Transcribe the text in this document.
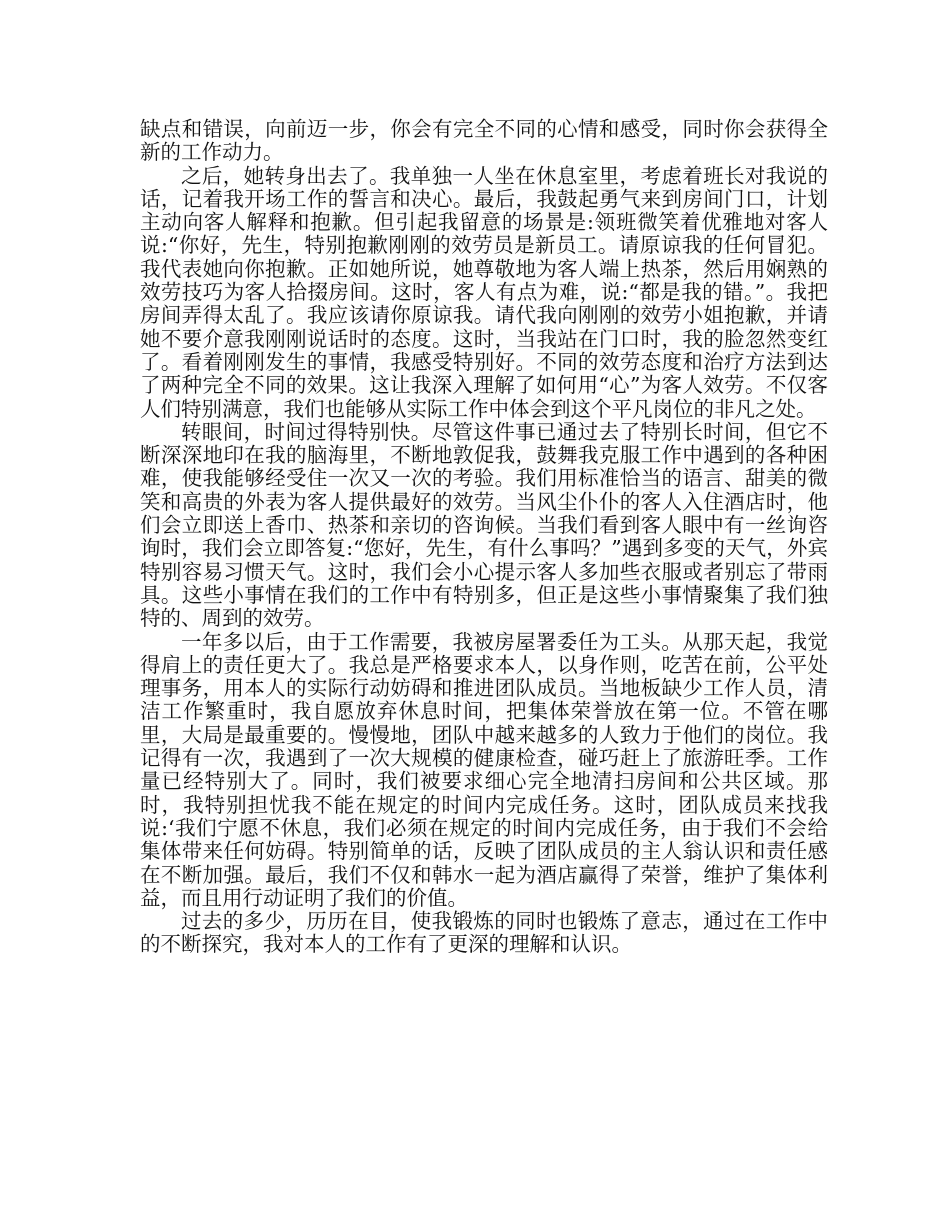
缺点和错误，向前迈一步，你会有完全不同的心情和感受，同时你会获得全新的工作动力。

之后，她转身出去了。我单独一人坐在休息室里，考虑着班长对我说的话，记着我开场工作的誓言和决心。最后，我鼓起勇气来到房间门口，计划主动向客人解释和抱歉。但引起我留意的场景是:领班微笑着优雅地对客人说:“你好，先生，特别抱歉刚刚的效劳员是新员工。请原谅我的任何冒犯。我代表她向你抱歉。正如她所说，她尊敬地为客人端上热茶，然后用娴熟的效劳技巧为客人拾掇房间。这时，客人有点为难，说:“都是我的错。”。我把房间弄得太乱了。我应该请你原谅我。请代我向刚刚的效劳小姐抱歉，并请她不要介意我刚刚说话时的态度。这时，当我站在门口时，我的脸忽然变红了。看着刚刚发生的事情，我感受特别好。不同的效劳态度和治疗方法到达了两种完全不同的效果。这让我深入理解了如何用“心”为客人效劳。不仅客人们特别满意，我们也能够从实际工作中体会到这个平凡岗位的非凡之处。

转眼间，时间过得特别快。尽管这件事已通过去了特别长时间，但它不断深深地印在我的脑海里，不断地敦促我，鼓舞我克服工作中遇到的各种困难，使我能够经受住一次又一次的考验。我们用标准恰当的语言、甜美的微笑和高贵的外表为客人提供最好的效劳。当风尘仆仆的客人入住酒店时，他们会立即送上香巾、热茶和亲切的咨询候。当我们看到客人眼中有一丝询咨询时，我们会立即答复:“您好，先生，有什么事吗？”遇到多变的天气，外宾特别容易习惯天气。这时，我们会小心提示客人多加些衣服或者别忘了带雨具。这些小事情在我们的工作中有特别多，但正是这些小事情聚集了我们独特的、周到的效劳。

一年多以后，由于工作需要，我被房屋署委任为工头。从那天起，我觉得肩上的责任更大了。我总是严格要求本人，以身作则，吃苦在前，公平处理事务，用本人的实际行动妨碍和推进团队成员。当地板缺少工作人员，清洁工作繁重时，我自愿放弃休息时间，把集体荣誉放在第一位。不管在哪里，大局是最重要的。慢慢地，团队中越来越多的人致力于他们的岗位。我记得有一次，我遇到了一次大规模的健康检查，碰巧赶上了旅游旺季。工作量已经特别大了。同时，我们被要求细心完全地清扫房间和公共区域。那时，我特别担忧我不能在规定的时间内完成任务。这时，团队成员来找我说:‘我们宁愿不休息，我们必须在规定的时间内完成任务，由于我们不会给集体带来任何妨碍。特别简单的话，反映了团队成员的主人翁认识和责任感在不断加强。最后，我们不仅和韩水一起为酒店赢得了荣誉，维护了集体利益，而且用行动证明了我们的价值。

过去的多少，历历在目，使我锻炼的同时也锻炼了意志，通过在工作中的不断探究，我对本人的工作有了更深的理解和认识。
